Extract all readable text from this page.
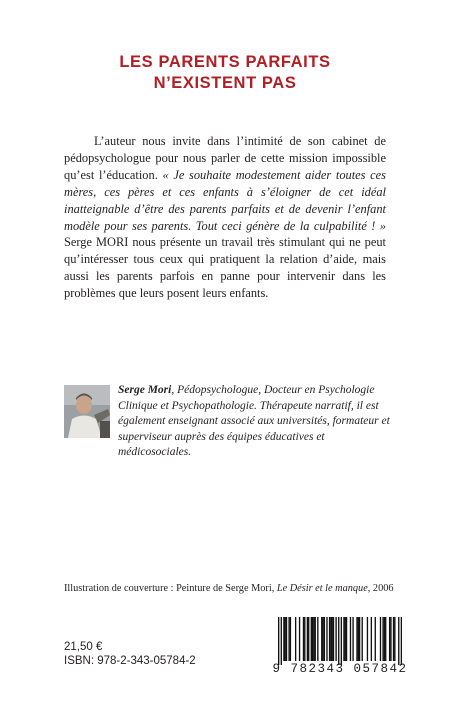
LES PARENTS PARFAITS
N’EXISTENT PAS

L’auteur nous invite dans l’intimité de son cabinet de pédopsychologue pour nous parler de cette mission impossible qu’est l’éducation. « Je souhaite modestement aider toutes ces mères, ces pères et ces enfants à s’éloigner de cet idéal inatteignable d’être des parents parfaits et de devenir l’enfant modèle pour ses parents. Tout ceci génère de la culpabilité ! » Serge MORI nous présente un travail très stimulant qui ne peut qu’intéresser tous ceux qui pratiquent la relation d’aide, mais aussi les parents parfois en panne pour intervenir dans les problèmes que leurs posent leurs enfants.

Serge Mori, Pédopsychologue, Docteur en Psychologie Clinique et Psychopathologie. Thérapeute narratif, il est également enseignant associé aux universités, formateur et superviseur auprès des équipes éducatives et médicosociales.

Illustration de couverture : Peinture de Serge Mori, Le Désir et le manque, 2006
21,50 €
ISBN: 978-2-343-05784-2
9 782343 057842
